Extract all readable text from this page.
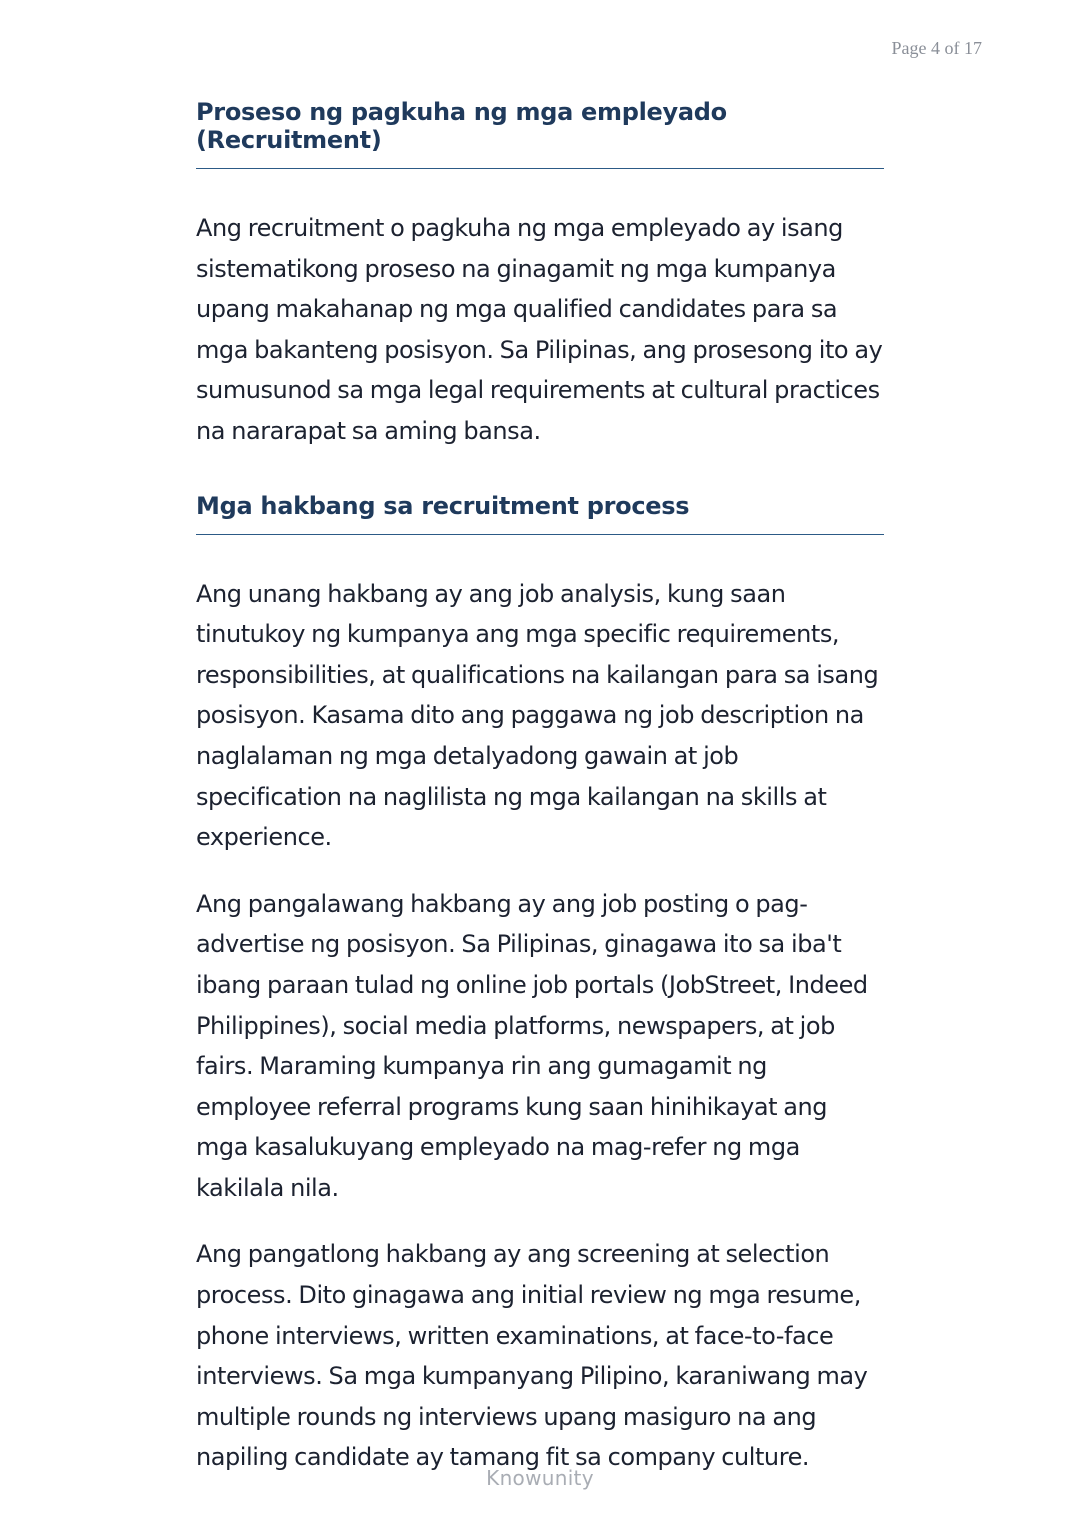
Page 4 of 17
Proseso ng pagkuha ng mga empleyado (Recruitment)

Ang recruitment o pagkuha ng mga empleyado ay isang sistematikong proseso na ginagamit ng mga kumpanya upang makahanap ng mga qualified candidates para sa mga bakanteng posisyon. Sa Pilipinas, ang prosesong ito ay sumusunod sa mga legal requirements at cultural practices na nararapat sa aming bansa.

Mga hakbang sa recruitment process

Ang unang hakbang ay ang job analysis, kung saan tinutukoy ng kumpanya ang mga specific requirements, responsibilities, at qualifications na kailangan para sa isang posisyon. Kasama dito ang paggawa ng job description na naglalaman ng mga detalyadong gawain at job specification na naglilista ng mga kailangan na skills at experience.

Ang pangalawang hakbang ay ang job posting o pag-advertise ng posisyon. Sa Pilipinas, ginagawa ito sa iba't ibang paraan tulad ng online job portals (JobStreet, Indeed Philippines), social media platforms, newspapers, at job fairs. Maraming kumpanya rin ang gumagamit ng employee referral programs kung saan hinihikayat ang mga kasalukuyang empleyado na mag-refer ng mga kakilala nila.

Ang pangatlong hakbang ay ang screening at selection process. Dito ginagawa ang initial review ng mga resume, phone interviews, written examinations, at face-to-face interviews. Sa mga kumpanyang Pilipino, karaniwang may multiple rounds ng interviews upang masiguro na ang napiling candidate ay tamang fit sa company culture.

Knowunity
